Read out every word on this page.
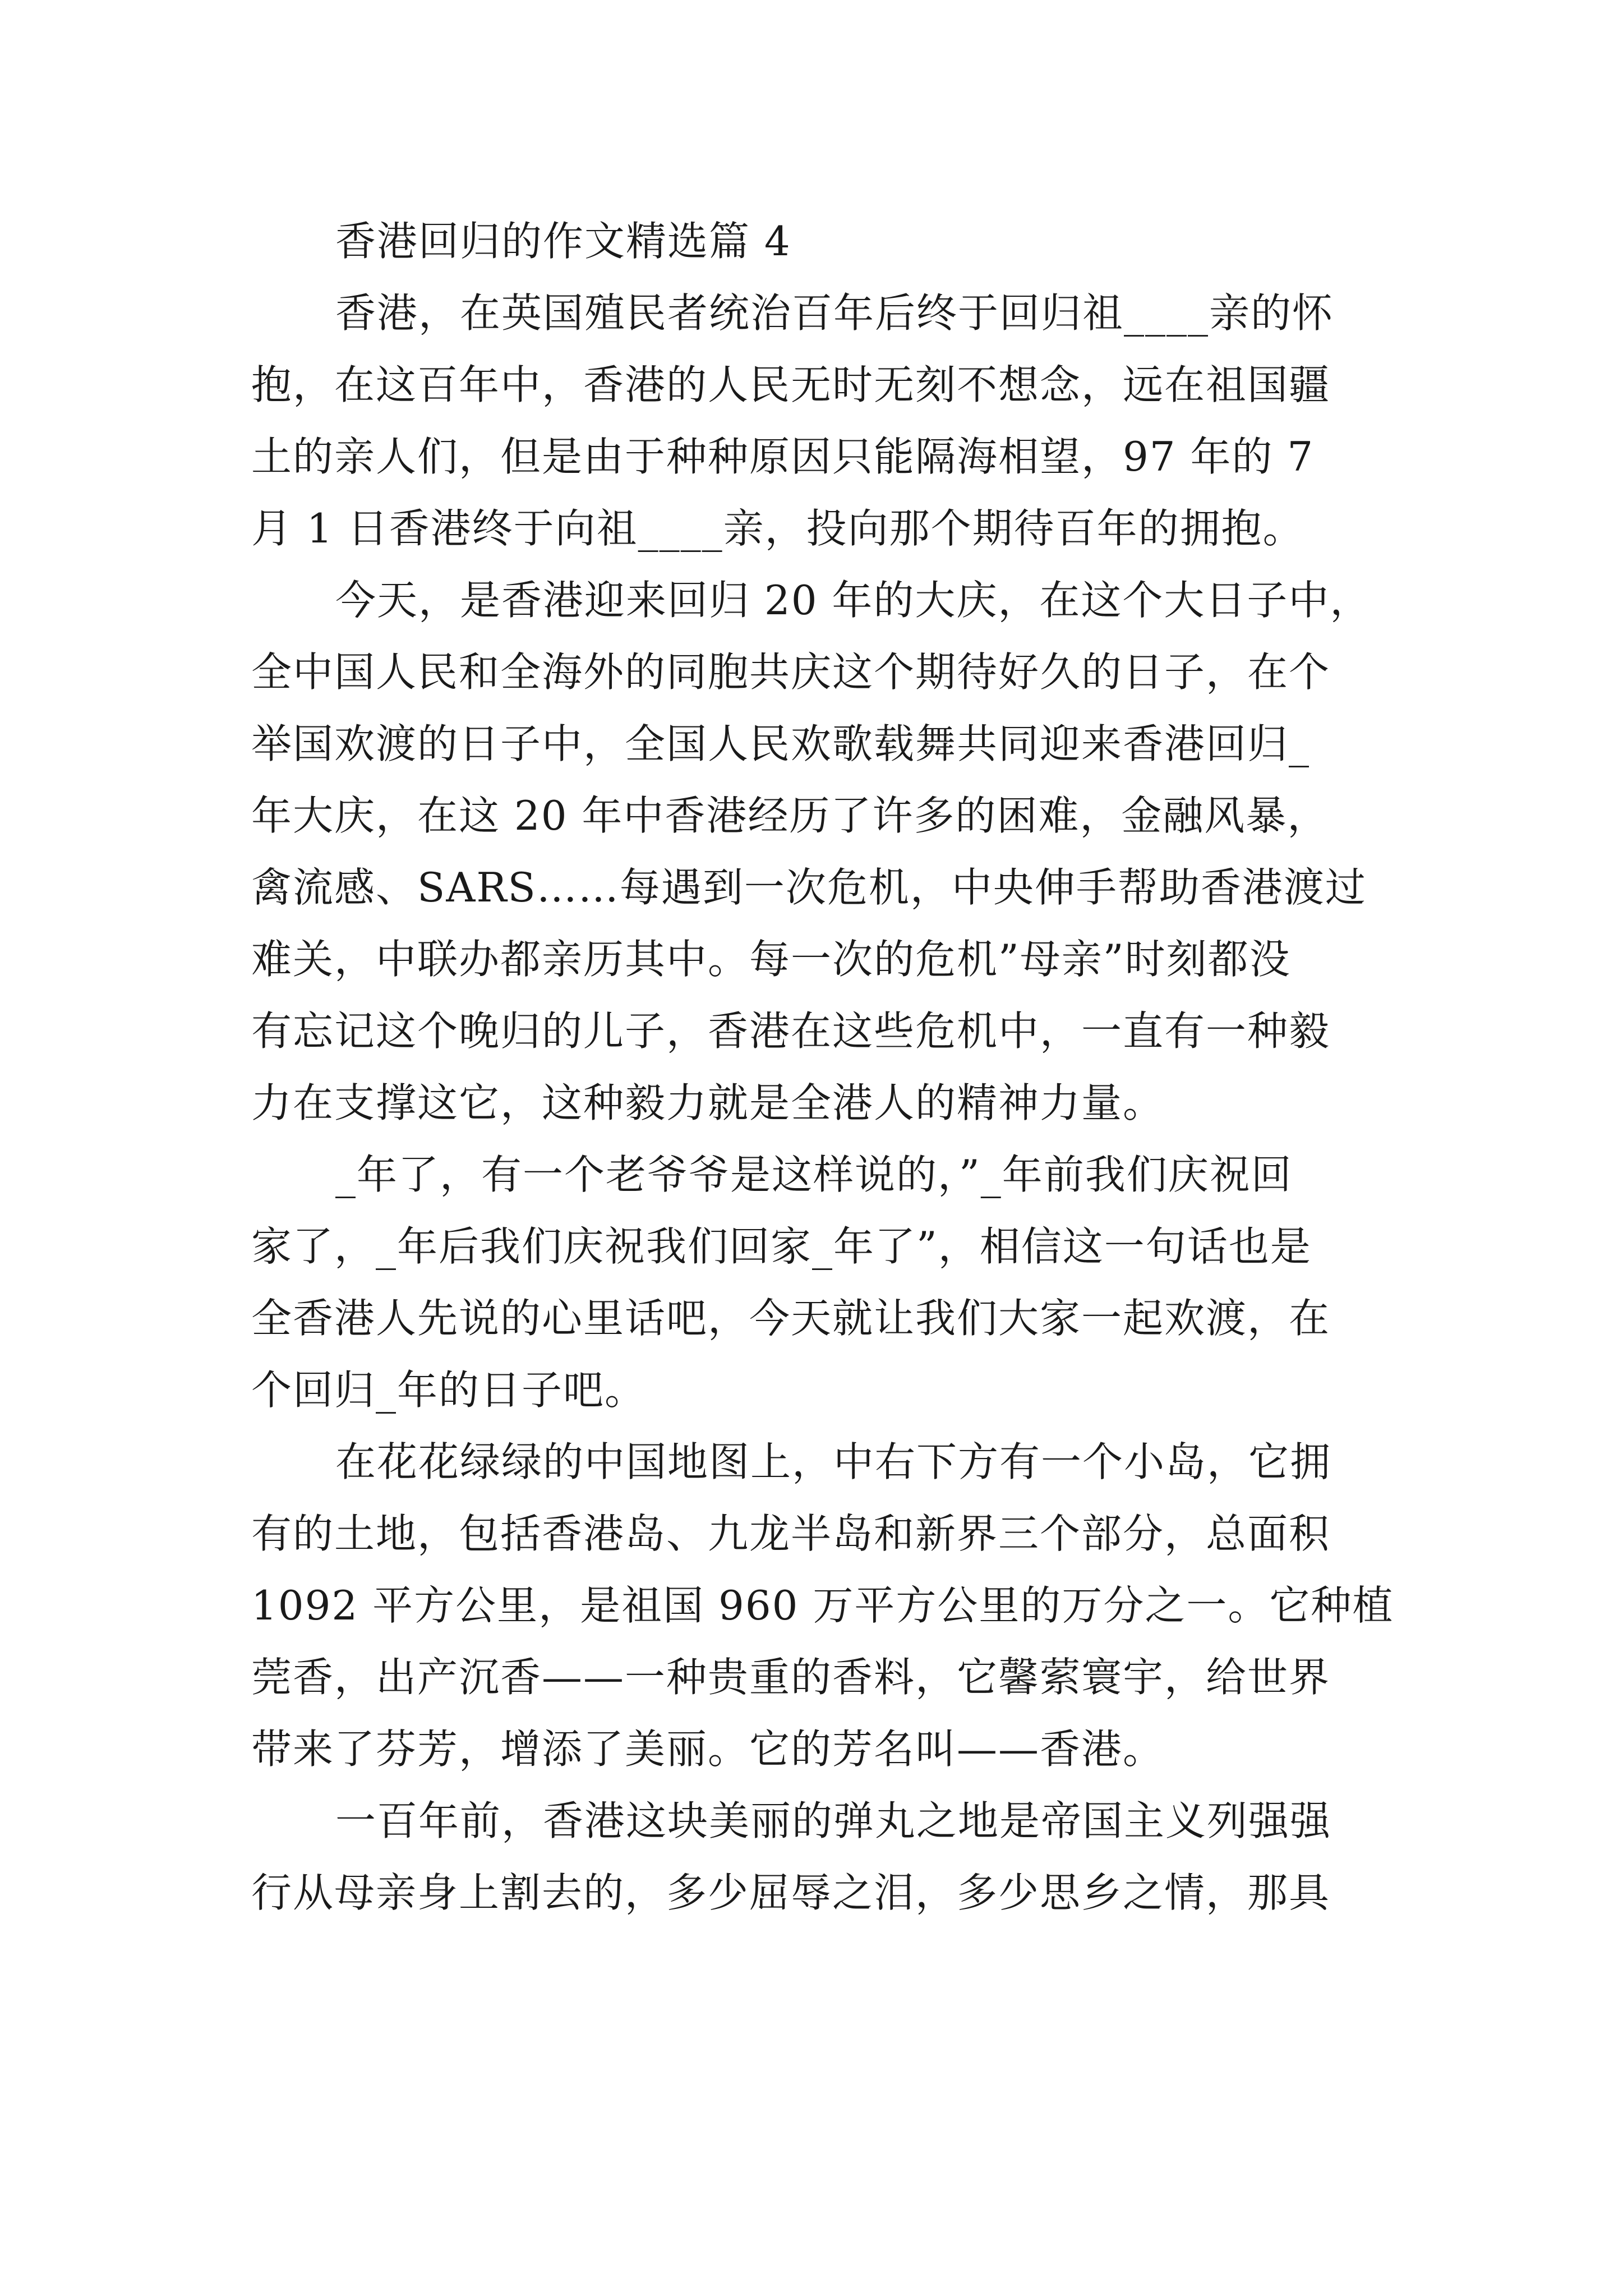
香港回归的作文精选篇 4
香港，在英国殖民者统治百年后终于回归祖____亲的怀
抱，在这百年中，香港的人民无时无刻不想念，远在祖国疆
土的亲人们，但是由于种种原因只能隔海相望，97 年的 7
月 1 日香港终于向祖____亲，投向那个期待百年的拥抱。
今天，是香港迎来回归 20 年的大庆，在这个大日子中，
全中国人民和全海外的同胞共庆这个期待好久的日子，在个
举国欢渡的日子中，全国人民欢歌载舞共同迎来香港回归_
年大庆，在这 20 年中香港经历了许多的困难，金融风暴，
禽流感、SARS……每遇到一次危机，中央伸手帮助香港渡过
难关，中联办都亲历其中。每一次的危机”母亲”时刻都没
有忘记这个晚归的儿子，香港在这些危机中，一直有一种毅
力在支撑这它，这种毅力就是全港人的精神力量。
_年了，有一个老爷爷是这样说的，”_年前我们庆祝回
家了，_年后我们庆祝我们回家_年了”，相信这一句话也是
全香港人先说的心里话吧，今天就让我们大家一起欢渡，在
个回归_年的日子吧。
在花花绿绿的中国地图上，中右下方有一个小岛，它拥
有的土地，包括香港岛、九龙半岛和新界三个部分，总面积
1092 平方公里，是祖国 960 万平方公里的万分之一。它种植
莞香，出产沉香——一种贵重的香料，它馨萦寰宇，给世界
带来了芬芳，增添了美丽。它的芳名叫——香港。
一百年前，香港这块美丽的弹丸之地是帝国主义列强强
行从母亲身上割去的，多少屈辱之泪，多少思乡之情，那具
